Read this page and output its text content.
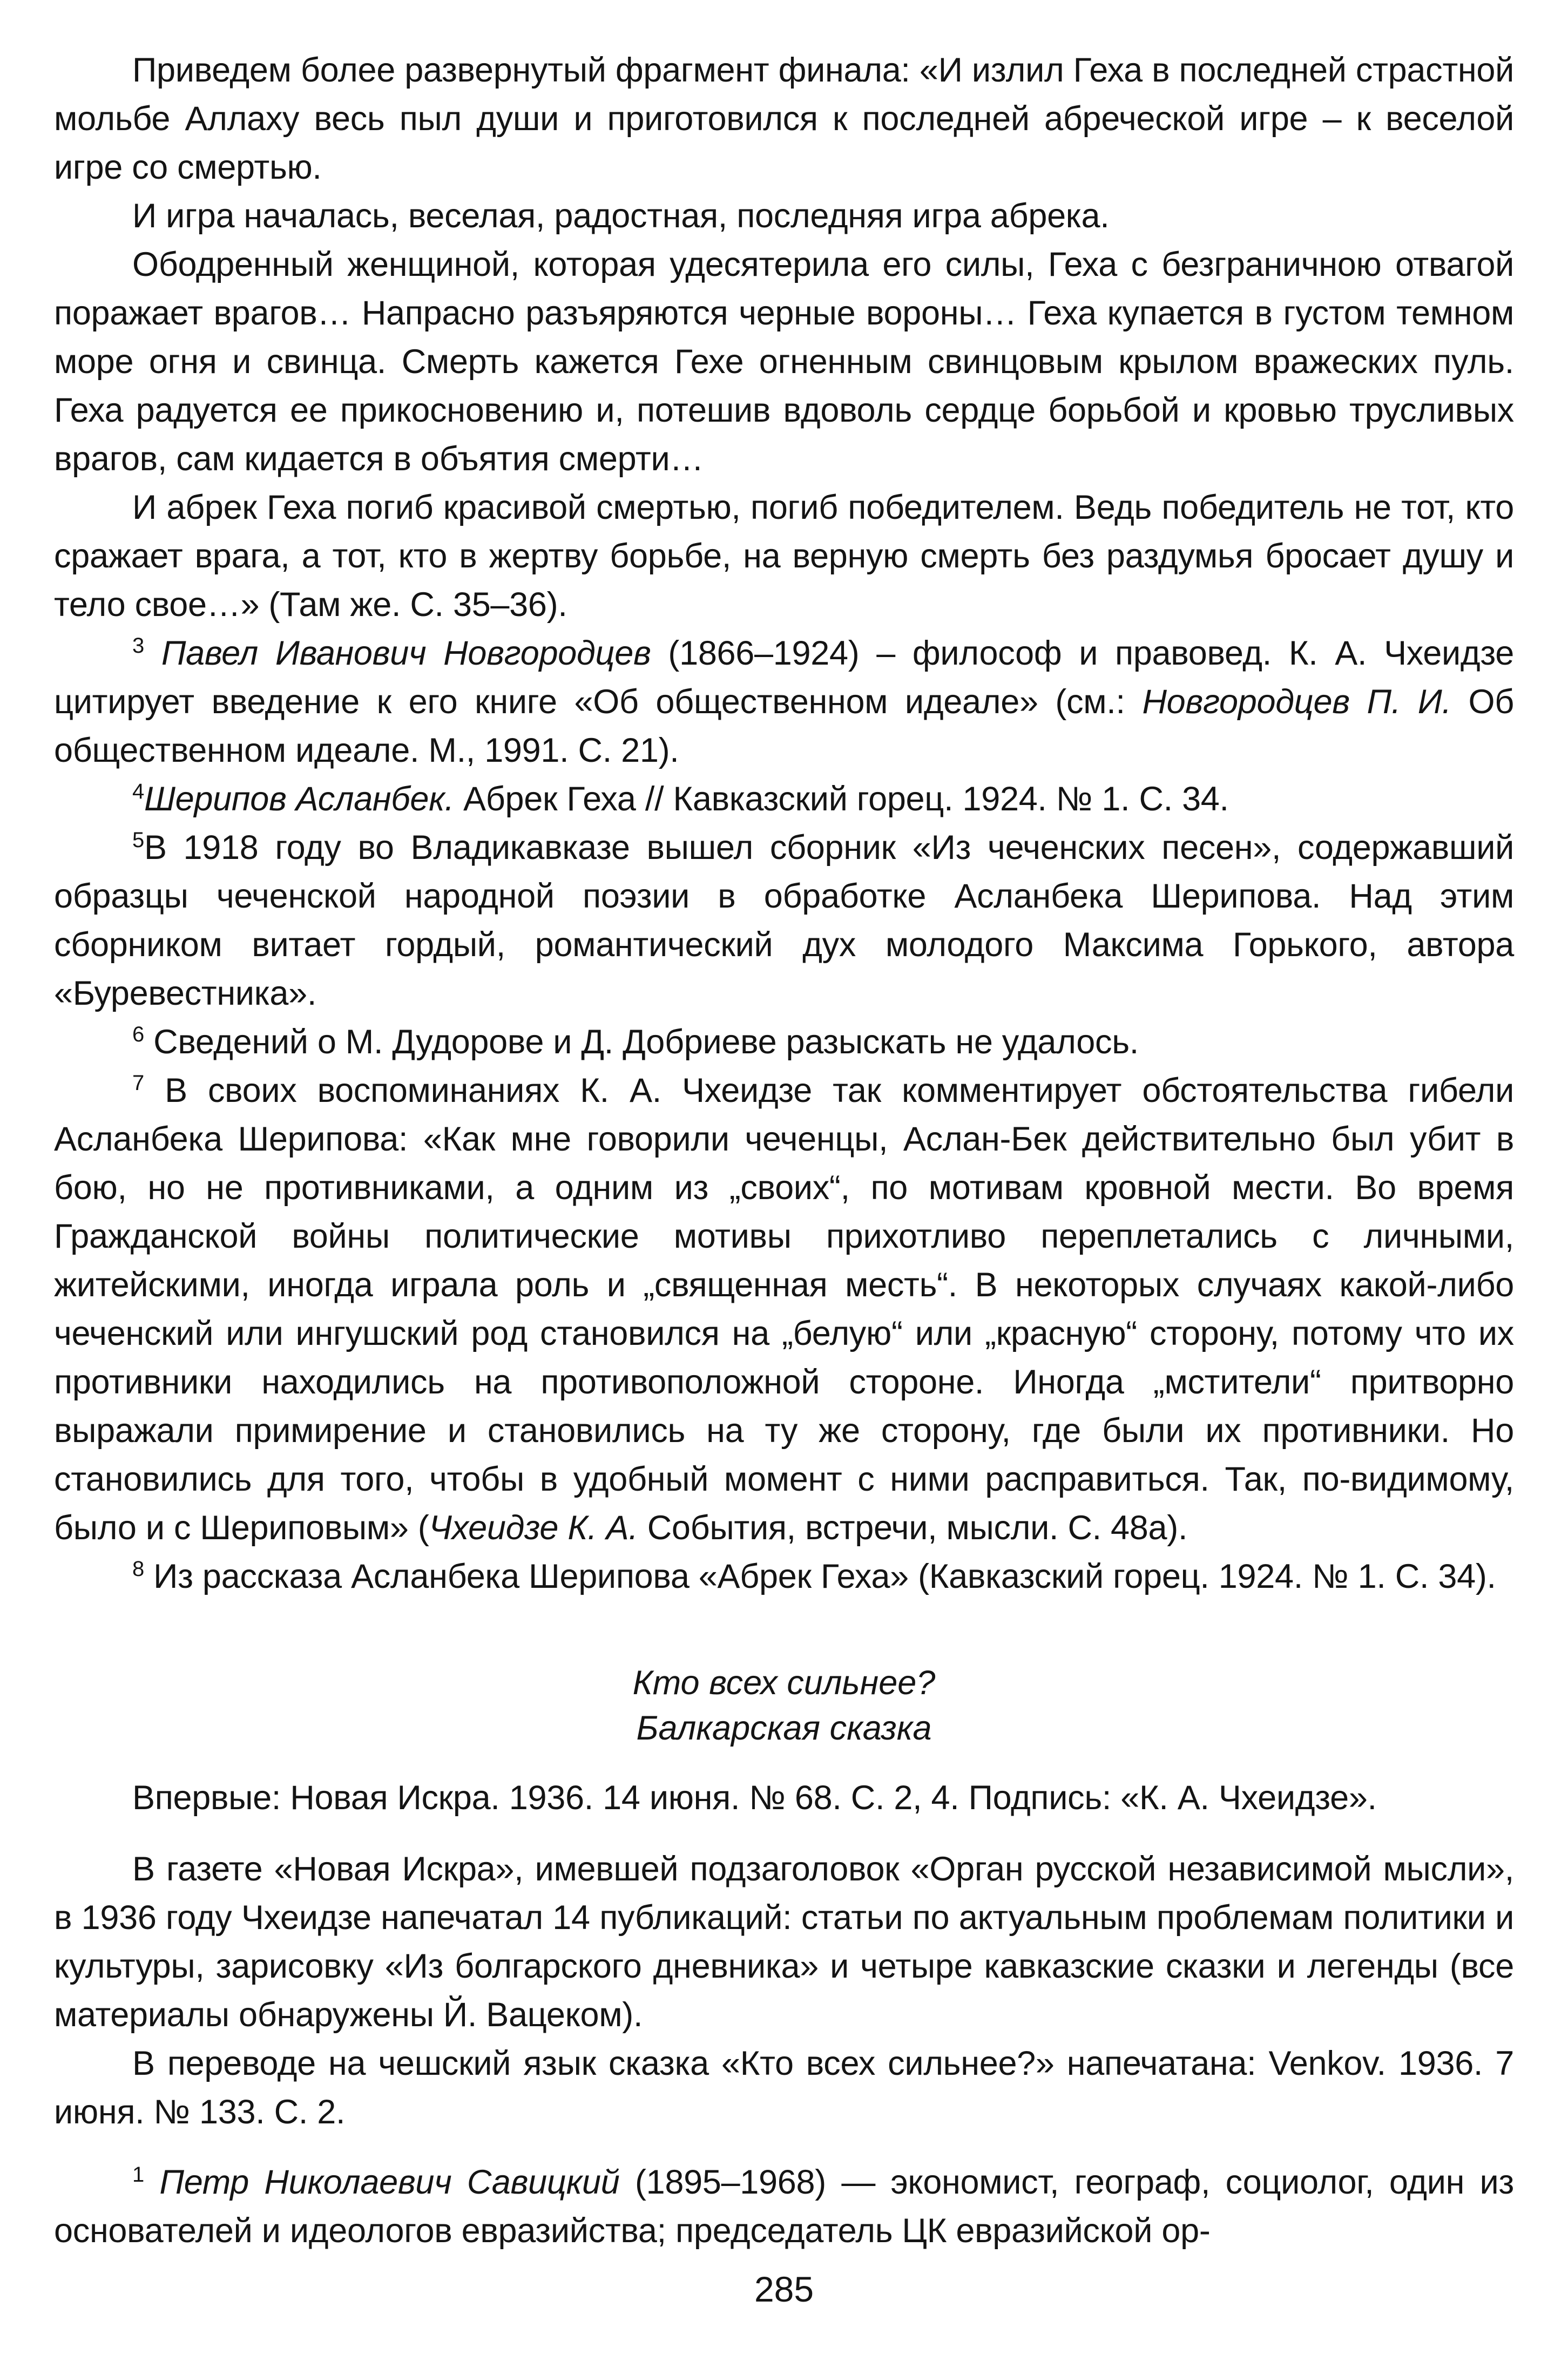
Приведем более развернутый фрагмент финала: «И излил Геха в последней страстной мольбе Аллаху весь пыл души и приготовился к последней абреческой игре – к веселой игре со смертью.

И игра началась, веселая, радостная, последняя игра абрека.

Ободренный женщиной, которая удесятерила его силы, Геха с безграничною отвагой поражает врагов… Напрасно разъяряются черные вороны… Геха купается в густом темном море огня и свинца. Смерть кажется Гехе огненным свинцовым крылом вражеских пуль. Геха радуется ее прикосновению и, потешив вдоволь сердце борьбой и кровью трусливых врагов, сам кидается в объятия смерти…

И абрек Геха погиб красивой смертью, погиб победителем. Ведь победитель не тот, кто сражает врага, а тот, кто в жертву борьбе, на верную смерть без раздумья бросает душу и тело свое…» (Там же. С. 35–36).

$^3$ Павел Иванович Новгородцев (1866–1924) – философ и правовед. К. А. Чхеидзе цитирует введение к его книге «Об общественном идеале» (см.: Новгородцев П. И. Об общественном идеале. М., 1991. С. 21).

$^4$Шерипов Асланбек. Абрек Геха // Кавказский горец. 1924. № 1. С. 34.

$^5$В 1918 году во Владикавказе вышел сборник «Из чеченских песен», содержавший образцы чеченской народной поэзии в обработке Асланбека Шерипова. Над этим сборником витает гордый, романтический дух молодого Максима Горького, автора «Буревестника».

$^6$ Сведений о М. Дудорове и Д. Добриеве разыскать не удалось.

$^7$ В своих воспоминаниях К. А. Чхеидзе так комментирует обстоятельства гибели Асланбека Шерипова: «Как мне говорили чеченцы, Аслан-Бек действительно был убит в бою, но не противниками, а одним из „своих“, по мотивам кровной мести. Во время Гражданской войны политические мотивы прихотливо переплетались с личными, житейскими, иногда играла роль и „священная месть“. В некоторых случаях какой-либо чеченский или ингушский род становился на „белую“ или „красную“ сторону, потому что их противники находились на противоположной стороне. Иногда „мстители“ притворно выражали примирение и становились на ту же сторону, где были их противники. Но становились для того, чтобы в удобный момент с ними расправиться. Так, по-видимому, было и с Шериповым» (Чхеидзе К. А. События, встречи, мысли. С. 48а).

$^8$ Из рассказа Асланбека Шерипова «Абрек Геха» (Кавказский горец. 1924. № 1. С. 34).

Кто всех сильнее?
Балкарская сказка

Впервые: Новая Искра. 1936. 14 июня. № 68. С. 2, 4. Подпись: «К. А. Чхеидзе».

В газете «Новая Искра», имевшей подзаголовок «Орган русской независимой мысли», в 1936 году Чхеидзе напечатал 14 публикаций: статьи по актуальным проблемам политики и культуры, зарисовку «Из болгарского дневника» и четыре кавказские сказки и легенды (все материалы обнаружены Й. Вацеком).

В переводе на чешский язык сказка «Кто всех сильнее?» напечатана: Venkov. 1936. 7 июня. № 133. С. 2.

$^1$ Петр Николаевич Савицкий (1895–1968) — экономист, географ, социолог, один из основателей и идеологов евразийства; председатель ЦК евразийской ор-

285
